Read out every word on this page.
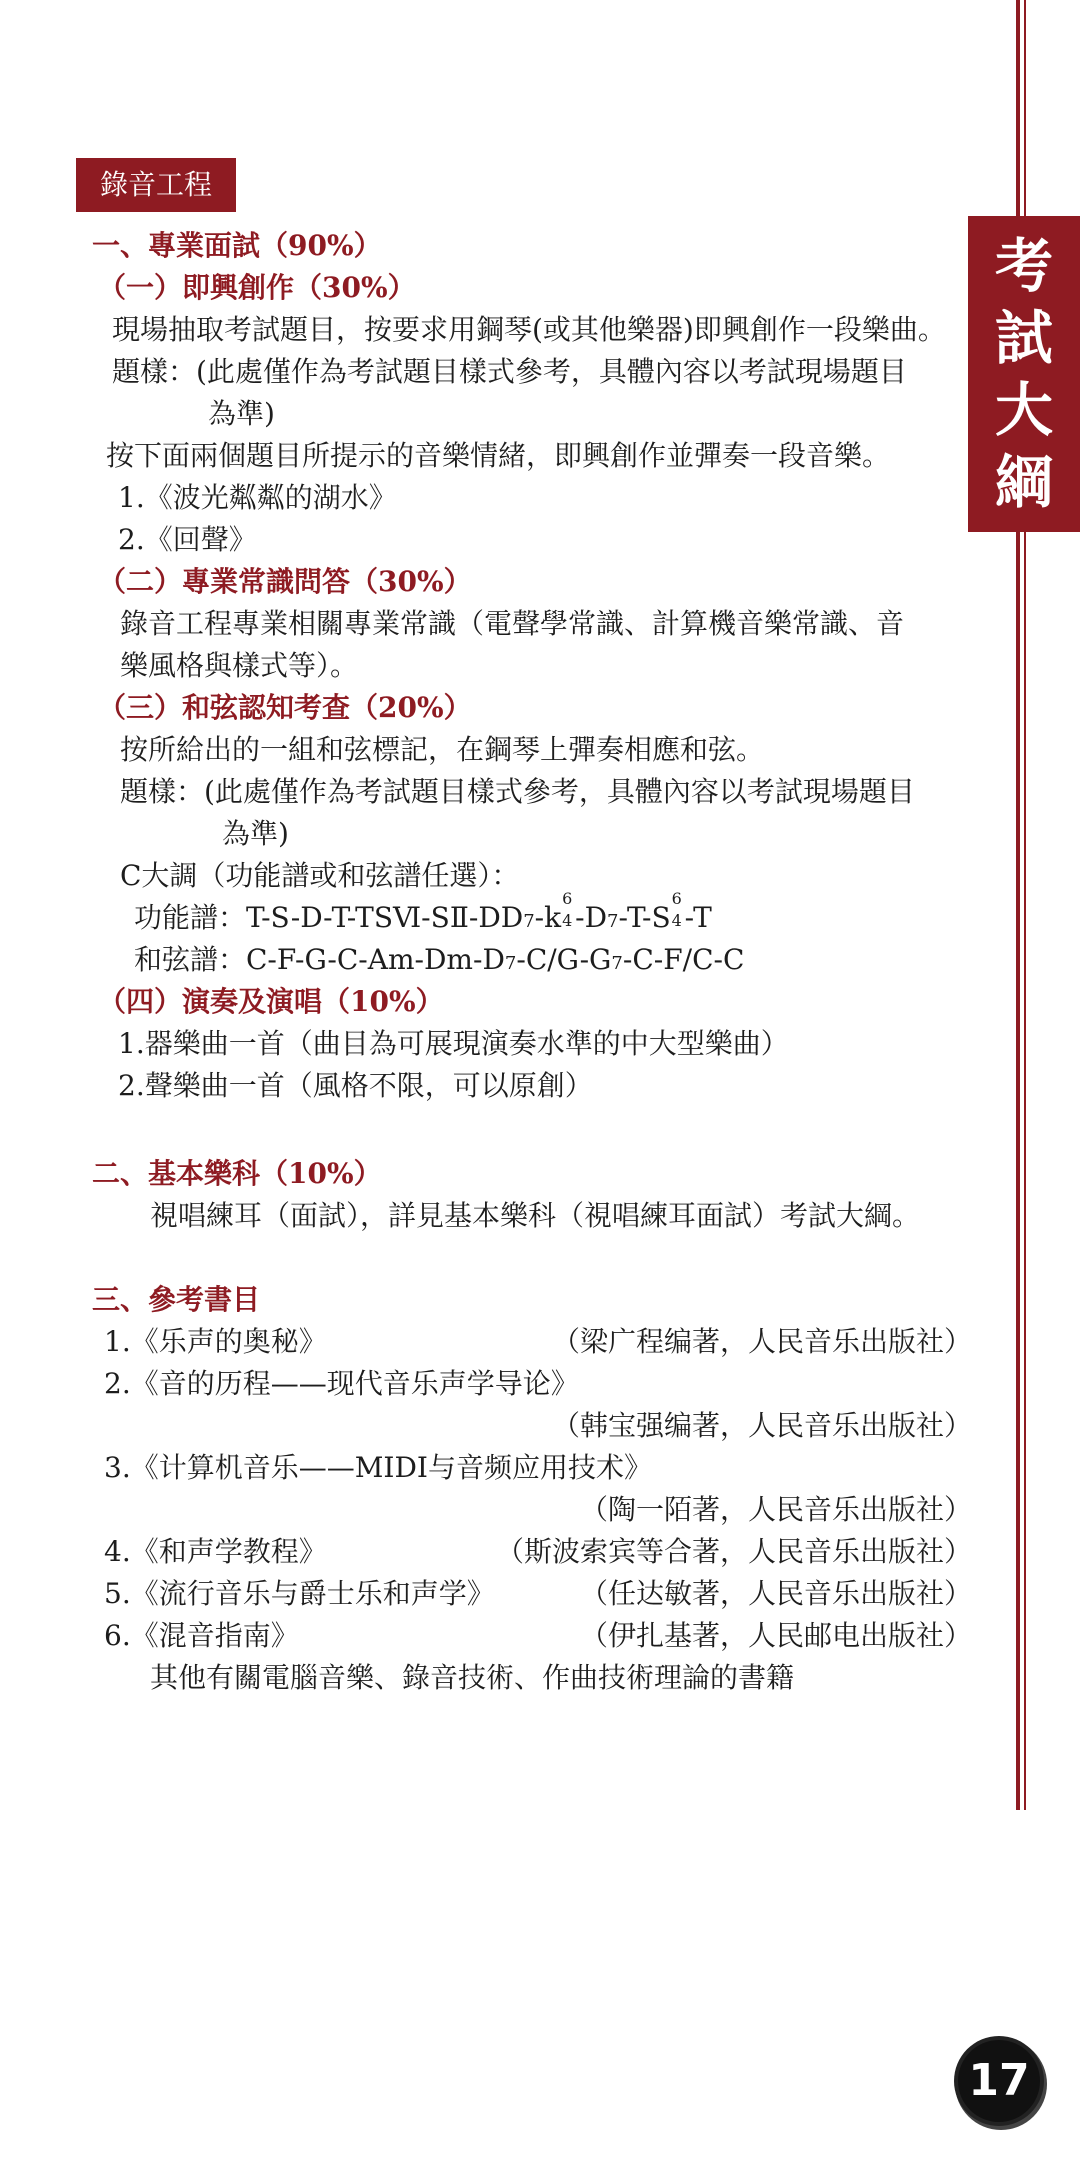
考
試
大
綱
錄音工程
一、專業面試（90%）
（一）即興創作（30%）
現場抽取考試題目，按要求用鋼琴(或其他樂器)即興創作一段樂曲。
題樣：(此處僅作為考試題目樣式參考，具體內容以考試現場題目
為準)
按下面兩個題目所提示的音樂情緒，即興創作並彈奏一段音樂。
1.《波光粼粼的湖水》
2.《回聲》
（二）專業常識問答（30%）
錄音工程專業相關專業常識（電聲學常識、計算機音樂常識、音
樂風格與樣式等）。
（三）和弦認知考查（20%）
按所給出的一組和弦標記，在鋼琴上彈奏相應和弦。
題樣：(此處僅作為考試題目樣式參考，具體內容以考試現場題目
為準)
C大調（功能譜或和弦譜任選）：
功能譜：T-S-D-T-TSⅥ-SⅡ-DD7-k
6
4 -D7-T-S
6
4 -T
和弦譜：C-F-G-C-Am-Dm-D7-C/G-G7-C-F/C-C
（四）演奏及演唱（10%）
1.器樂曲一首（曲目為可展現演奏水準的中大型樂曲）
2.聲樂曲一首（風格不限，可以原創）
二、基本樂科（10%）
視唱練耳（面試），詳見基本樂科（視唱練耳面試）考試大綱。
三、參考書目
1.《乐声的奥秘》	（梁广程编著，人民音乐出版社）
2.《音的历程——现代音乐声学导论》
（韩宝强编著，人民音乐出版社）
3.《计算机音乐——MIDI与音频应用技术》
（陶一陌著，人民音乐出版社）
4.《和声学教程》	（斯波索宾等合著，人民音乐出版社）
5.《流行音乐与爵士乐和声学》	（任达敏著，人民音乐出版社）
6.《混音指南》	（伊扎基著，人民邮电出版社）
其他有關電腦音樂、錄音技術、作曲技術理論的書籍
17
